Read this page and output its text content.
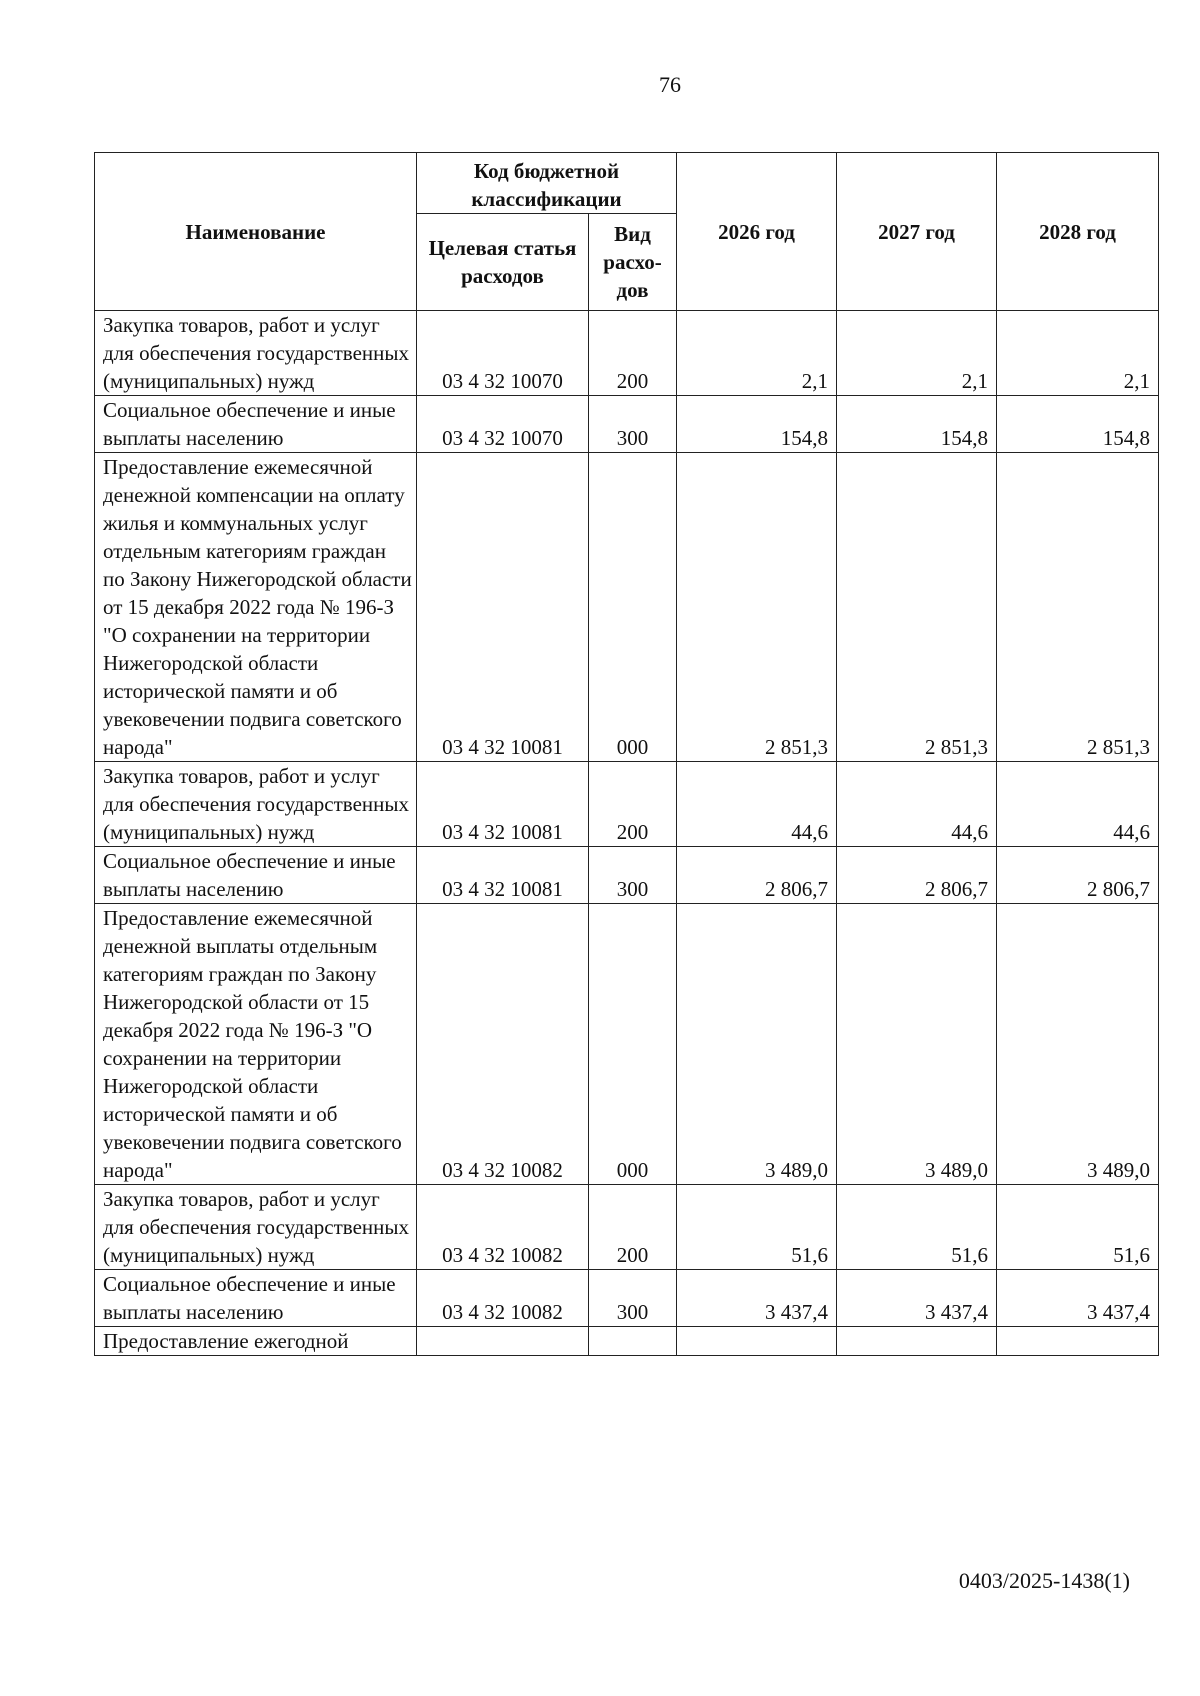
76
Наименование	Код бюджетной классификации		2026 год	2027 год	2028 год
	Целевая статья расходов	Вид расхо-дов			
Закупка товаров, работ и услуг для обеспечения государственных (муниципальных) нужд	03 4 32 10070	200	2,1	2,1	2,1
Социальное обеспечение и иные выплаты населению	03 4 32 10070	300	154,8	154,8	154,8
Предоставление ежемесячной денежной компенсации на оплату жилья и коммунальных услуг отдельным категориям граждан по Закону Нижегородской области от 15 декабря 2022 года № 196-З "О сохранении на территории Нижегородской области исторической памяти и об увековечении подвига советского народа"	03 4 32 10081	000	2 851,3	2 851,3	2 851,3
Закупка товаров, работ и услуг для обеспечения государственных (муниципальных) нужд	03 4 32 10081	200	44,6	44,6	44,6
Социальное обеспечение и иные выплаты населению	03 4 32 10081	300	2 806,7	2 806,7	2 806,7
Предоставление ежемесячной денежной выплаты отдельным категориям граждан по Закону Нижегородской области от 15 декабря 2022 года № 196-З "О сохранении на территории Нижегородской области исторической памяти и об увековечении подвига советского народа"	03 4 32 10082	000	3 489,0	3 489,0	3 489,0
Закупка товаров, работ и услуг для обеспечения государственных (муниципальных) нужд	03 4 32 10082	200	51,6	51,6	51,6
Социальное обеспечение и иные выплаты населению	03 4 32 10082	300	3 437,4	3 437,4	3 437,4
Предоставление ежегодной					
0403/2025-1438(1)
